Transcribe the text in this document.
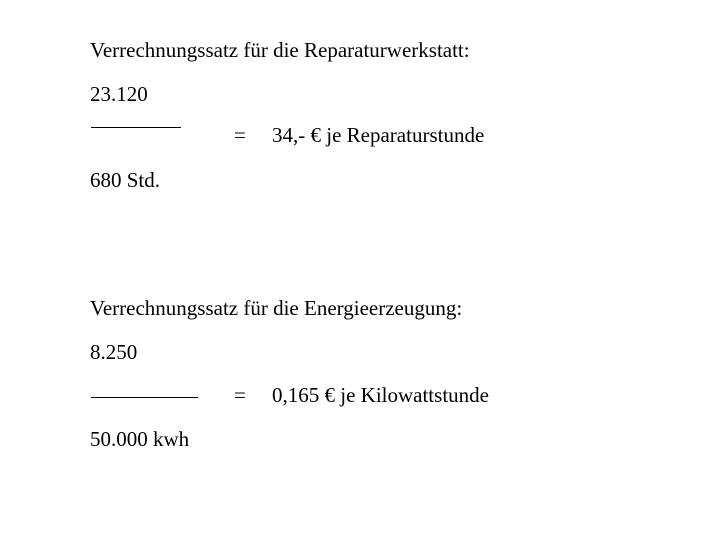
Verrechnungssatz für die Reparaturwerkstatt:
23.120
= 34,- € je Reparaturstunde
680 Std.
Verrechnungssatz für die Energieerzeugung:
8.250
= 0,165 € je Kilowattstunde
50.000 kwh
